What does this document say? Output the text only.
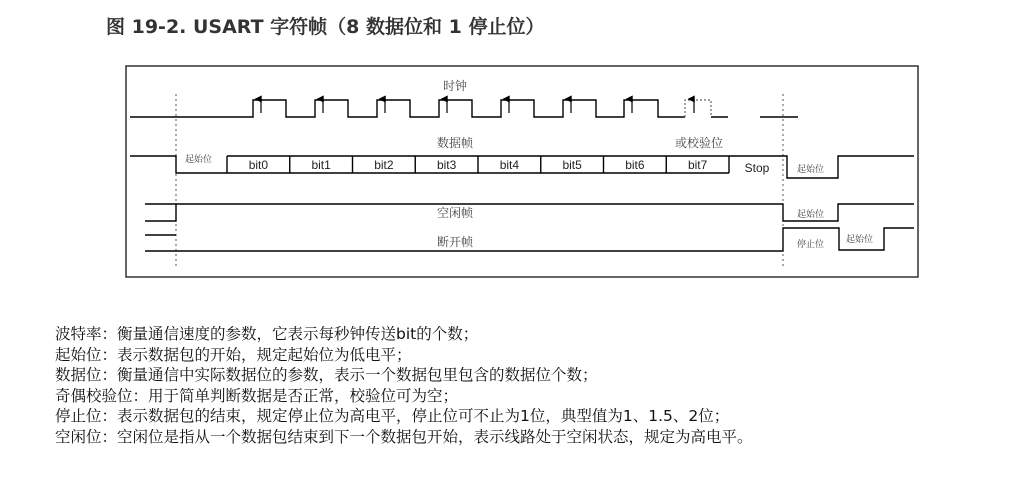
图 19-2. USART 字符帧（8 数据位和 1 停止位）
时钟
数据帧	或校验位
起始位	bit0	bit1	bit2	bit3	bit4	bit5	bit6	bit7	Stop	起始位
空闲帧	起始位
断开帧	停止位 起始位
波特率：衡量通信速度的参数，它表示每秒钟传送bit的个数；
起始位：表示数据包的开始，规定起始位为低电平；
数据位：衡量通信中实际数据位的参数，表示一个数据包里包含的数据位个数；
奇偶校验位：用于简单判断数据是否正常，校验位可为空；
停止位：表示数据包的结束，规定停止位为高电平，停止位可不止为1位，典型值为1、1.5、2位；
空闲位：空闲位是指从一个数据包结束到下一个数据包开始，表示线路处于空闲状态，规定为高电平。
